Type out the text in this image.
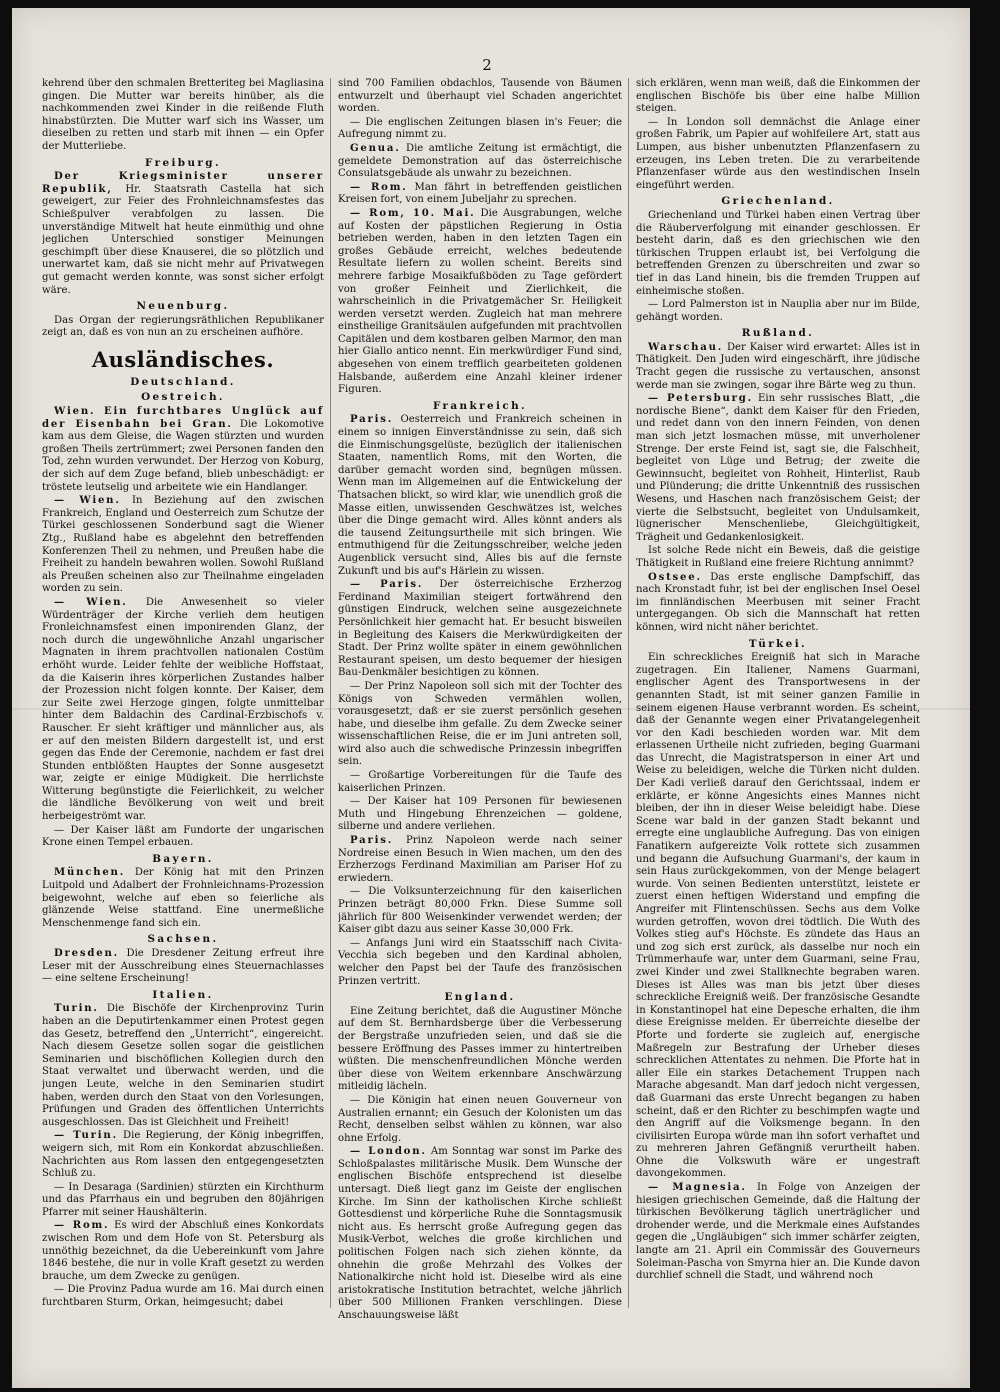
2

kehrend über den schmalen Bretteriteg bei Magliasina gingen. Die Mutter war bereits hinüber, als die nachkommenden zwei Kinder in die reißende Fluth hinabstürzten. Die Mutter warf sich ins Wasser, um dieselben zu retten und starb mit ihnen — ein Opfer der Mutterliebe.

Freiburg.

Der Kriegsminister unserer Republik, Hr. Staatsrath Castella hat sich geweigert, zur Feier des Frohnleichnamsfestes das Schießpulver verabfolgen zu lassen. Die unverständige Mitwelt hat heute einmüthig und ohne jeglichen Unterschied sonstiger Meinungen geschimpft über diese Knauserei, die so plötzlich und unerwartet kam, daß sie nicht mehr auf Privatwegen gut gemacht werden konnte, was sonst sicher erfolgt wäre.

Neuenburg.

Das Organ der regierungsräthlichen Republikaner zeigt an, daß es von nun an zu erscheinen aufhöre.

Ausländisches.
Deutschland.
Oestreich.

Wien. Ein furchtbares Unglück auf der Eisenbahn bei Gran. Die Lokomotive kam aus dem Gleise, die Wagen stürzten und wurden großen Theils zertrümmert; zwei Personen fanden den Tod, zehn wurden verwundet. Der Herzog von Koburg, der sich auf dem Zuge befand, blieb unbeschädigt: er tröstete leutselig und arbeitete wie ein Handlanger.

— Wien. In Beziehung auf den zwischen Frankreich, England und Oesterreich zum Schutze der Türkei geschlossenen Sonderbund sagt die Wiener Ztg., Rußland habe es abgelehnt den betreffenden Konferenzen Theil zu nehmen, und Preußen habe die Freiheit zu handeln bewahren wollen. Sowohl Rußland als Preußen scheinen also zur Theilnahme eingeladen worden zu sein.

— Wien. Die Anwesenheit so vieler Würdenträger der Kirche verlieh dem heutigen Fronleichnamsfest einen imponirenden Glanz, der noch durch die ungewöhnliche Anzahl ungarischer Magnaten in ihrem prachtvollen nationalen Costüm erhöht wurde. Leider fehlte der weibliche Hoffstaat, da die Kaiserin ihres körperlichen Zustandes halber der Prozession nicht folgen konnte. Der Kaiser, dem zur Seite zwei Herzoge gingen, folgte unmittelbar hinter dem Baldachin des Cardinal-Erzbischofs v. Rauscher. Er sieht kräftiger und männlicher aus, als er auf den meisten Bildern dargestellt ist, und erst gegen das Ende der Ceremonie, nachdem er fast drei Stunden entblößten Hauptes der Sonne ausgesetzt war, zeigte er einige Müdigkeit. Die herrlichste Witterung begünstigte die Feierlichkeit, zu welcher die ländliche Bevölkerung von weit und breit herbeigeströmt war.

— Der Kaiser läßt am Fundorte der ungarischen Krone einen Tempel erbauen.

Bayern.

München. Der König hat mit den Prinzen Luitpold und Adalbert der Frohnleichnams-Prozession beigewohnt, welche auf eben so feierliche als glänzende Weise stattfand. Eine unermeßliche Menschenmenge fand sich ein.

Sachsen.

Dresden. Die Dresdener Zeitung erfreut ihre Leser mit der Ausschreibung eines Steuernachlasses — eine seltene Erscheinung!

Italien.

Turin. Die Bischöfe der Kirchenprovinz Turin haben an die Deputirtenkammer einen Protest gegen das Gesetz, betreffend den „Unterricht“, eingereicht. Nach diesem Gesetze sollen sogar die geistlichen Seminarien und bischöflichen Kollegien durch den Staat verwaltet und überwacht werden, und die jungen Leute, welche in den Seminarien studirt haben, werden durch den Staat von den Vorlesungen, Prüfungen und Graden des öffentlichen Unterrichts ausgeschlossen. Das ist Gleichheit und Freiheit!

— Turin. Die Regierung, der König inbegriffen, weigern sich, mit Rom ein Konkordat abzuschließen. Nachrichten aus Rom lassen den entgegengesetzten Schluß zu.

— In Desaraga (Sardinien) stürzten ein Kirchthurm und das Pfarrhaus ein und begruben den 80jährigen Pfarrer mit seiner Haushälterin.

— Rom. Es wird der Abschluß eines Konkordats zwischen Rom und dem Hofe von St. Petersburg als unnöthig bezeichnet, da die Uebereinkunft vom Jahre 1846 bestehe, die nur in volle Kraft gesetzt zu werden brauche, um dem Zwecke zu genügen.

— Die Provinz Padua wurde am 16. Mai durch einen furchtbaren Sturm, Orkan, heimgesucht; dabei

sind 700 Familien obdachlos, Tausende von Bäumen entwurzelt und überhaupt viel Schaden angerichtet worden.

— Die englischen Zeitungen blasen in's Feuer; die Aufregung nimmt zu.

Genua. Die amtliche Zeitung ist ermächtigt, die gemeldete Demonstration auf das österreichische Consulatsgebäude als unwahr zu bezeichnen.

— Rom. Man fährt in betreffenden geistlichen Kreisen fort, von einem Jubeljahr zu sprechen.

— Rom, 10. Mai. Die Ausgrabungen, welche auf Kosten der päpstlichen Regierung in Ostia betrieben werden, haben in den letzten Tagen ein großes Gebäude erreicht, welches bedeutende Resultate liefern zu wollen scheint. Bereits sind mehrere farbige Mosaikfußböden zu Tage gefördert von großer Feinheit und Zierlichkeit, die wahrscheinlich in die Privatgemächer Sr. Heiligkeit werden versetzt werden. Zugleich hat man mehrere einstheilige Granitsäulen aufgefunden mit prachtvollen Capitälen und dem kostbaren gelben Marmor, den man hier Giallo antico nennt. Ein merkwürdiger Fund sind, abgesehen von einem trefflich gearbeiteten goldenen Halsbande, außerdem eine Anzahl kleiner irdener Figuren.

Frankreich.

Paris. Oesterreich und Frankreich scheinen in einem so innigen Einverständnisse zu sein, daß sich die Einmischungsgelüste, bezüglich der italienischen Staaten, namentlich Roms, mit den Worten, die darüber gemacht worden sind, begnügen müssen. Wenn man im Allgemeinen auf die Entwickelung der Thatsachen blickt, so wird klar, wie unendlich groß die Masse eitlen, unwissenden Geschwätzes ist, welches über die Dinge gemacht wird. Alles könnt anders als die tausend Zeitungsurtheile mit sich bringen. Wie entmuthigend für die Zeitungsschreiber, welche jeden Augenblick versucht sind, Alles bis auf die fernste Zukunft und bis auf's Härlein zu wissen.

— Paris. Der österreichische Erzherzog Ferdinand Maximilian steigert fortwährend den günstigen Eindruck, welchen seine ausgezeichnete Persönlichkeit hier gemacht hat. Er besucht bisweilen in Begleitung des Kaisers die Merkwürdigkeiten der Stadt. Der Prinz wollte später in einem gewöhnlichen Restaurant speisen, um desto bequemer der hiesigen Bau-Denkmäler besichtigen zu können.

— Der Prinz Napoleon soll sich mit der Tochter des Königs von Schweden vermählen wollen, vorausgesetzt, daß er sie zuerst persönlich gesehen habe, und dieselbe ihm gefalle. Zu dem Zwecke seiner wissenschaftlichen Reise, die er im Juni antreten soll, wird also auch die schwedische Prinzessin inbegriffen sein.

— Großartige Vorbereitungen für die Taufe des kaiserlichen Prinzen.

— Der Kaiser hat 109 Personen für bewiesenen Muth und Hingebung Ehrenzeichen — goldene, silberne und andere verliehen.

Paris. Prinz Napoleon werde nach seiner Nordreise einen Besuch in Wien machen, um den des Erzherzogs Ferdinand Maximilian am Pariser Hof zu erwiedern.

— Die Volksunterzeichnung für den kaiserlichen Prinzen beträgt 80,000 Frkn. Diese Summe soll jährlich für 800 Weisenkinder verwendet werden; der Kaiser gibt dazu aus seiner Kasse 30,000 Frk.

— Anfangs Juni wird ein Staatsschiff nach Civita-Vecchia sich begeben und den Kardinal abholen, welcher den Papst bei der Taufe des französischen Prinzen vertritt.

England.

Eine Zeitung berichtet, daß die Augustiner Mönche auf dem St. Bernhardsberge über die Verbesserung der Bergstraße unzufrieden seien, und daß sie die bessere Eröffnung des Passes immer zu hintertreiben wüßten. Die menschenfreundlichen Mönche werden über diese von Weitem erkennbare Anschwärzung mitleidig lächeln.

— Die Königin hat einen neuen Gouverneur von Australien ernannt; ein Gesuch der Kolonisten um das Recht, denselben selbst wählen zu können, war also ohne Erfolg.

— London. Am Sonntag war sonst im Parke des Schloßpalastes militärische Musik. Dem Wunsche der englischen Bischöfe entsprechend ist dieselbe untersagt. Dieß liegt ganz im Geiste der englischen Kirche. Im Sinn der katholischen Kirche schließt Gottesdienst und körperliche Ruhe die Sonntagsmusik nicht aus. Es herrscht große Aufregung gegen das Musik-Verbot, welches die große kirchlichen und politischen Folgen nach sich ziehen könnte, da ohnehin die große Mehrzahl des Volkes der Nationalkirche nicht hold ist. Dieselbe wird als eine aristokratische Institution betrachtet, welche jährlich über 500 Millionen Franken verschlingen. Diese Anschauungsweise läßt

sich erklären, wenn man weiß, daß die Einkommen der englischen Bischöfe bis über eine halbe Million steigen.

— In London soll demnächst die Anlage einer großen Fabrik, um Papier auf wohlfeilere Art, statt aus Lumpen, aus bisher unbenutzten Pflanzenfasern zu erzeugen, ins Leben treten. Die zu verarbeitende Pflanzenfaser würde aus den westindischen Inseln eingeführt werden.

Griechenland.

Griechenland und Türkei haben einen Vertrag über die Räuberverfolgung mit einander geschlossen. Er besteht darin, daß es den griechischen wie den türkischen Truppen erlaubt ist, bei Verfolgung die betreffenden Grenzen zu überschreiten und zwar so tief in das Land hinein, bis die fremden Truppen auf einheimische stoßen.

— Lord Palmerston ist in Nauplia aber nur im Bilde, gehängt worden.

Rußland.

Warschau. Der Kaiser wird erwartet: Alles ist in Thätigkeit. Den Juden wird eingeschärft, ihre jüdische Tracht gegen die russische zu vertauschen, ansonst werde man sie zwingen, sogar ihre Bärte weg zu thun.

— Petersburg. Ein sehr russisches Blatt, „die nordische Biene“, dankt dem Kaiser für den Frieden, und redet dann von den innern Feinden, von denen man sich jetzt losmachen müsse, mit unverholener Strenge. Der erste Feind ist, sagt sie, die Falschheit, begleitet von Lüge und Betrug; der zweite die Gewinnsucht, begleitet von Rohheit, Hinterlist, Raub und Plünderung; die dritte Unkenntniß des russischen Wesens, und Haschen nach französischem Geist; der vierte die Selbstsucht, begleitet von Undulsamkeit, lügnerischer Menschenliebe, Gleichgültigkeit, Trägheit und Gedankenlosigkeit.

Ist solche Rede nicht ein Beweis, daß die geistige Thätigkeit in Rußland eine freiere Richtung annimmt?

Ostsee. Das erste englische Dampfschiff, das nach Kronstadt fuhr, ist bei der englischen Insel Oesel im finnländischen Meerbusen mit seiner Fracht untergegangen. Ob sich die Mannschaft hat retten können, wird nicht näher berichtet.

Türkei.

Ein schreckliches Ereigniß hat sich in Marache zugetragen. Ein Italiener, Namens Guarmani, englischer Agent des Transportwesens in der genannten Stadt, ist mit seiner ganzen Familie in seinem eigenen Hause verbrannt worden. Es scheint, daß der Genannte wegen einer Privatangelegenheit vor den Kadi beschieden worden war. Mit dem erlassenen Urtheile nicht zufrieden, beging Guarmani das Unrecht, die Magistratsperson in einer Art und Weise zu beleidigen, welche die Türken nicht dulden. Der Kadi verließ darauf den Gerichtssaal, indem er erklärte, er könne Angesichts eines Mannes nicht bleiben, der ihn in dieser Weise beleidigt habe. Diese Scene war bald in der ganzen Stadt bekannt und erregte eine unglaubliche Aufregung. Das von einigen Fanatikern aufgereizte Volk rottete sich zusammen und begann die Aufsuchung Guarmani's, der kaum in sein Haus zurückgekommen, von der Menge belagert wurde. Von seinen Bedienten unterstützt, leistete er zuerst einen heftigen Widerstand und empfing die Angreifer mit Flintenschüssen. Sechs aus dem Volke wurden getroffen, wovon drei tödtlich. Die Wuth des Volkes stieg auf's Höchste. Es zündete das Haus an und zog sich erst zurück, als dasselbe nur noch ein Trümmerhaufe war, unter dem Guarmani, seine Frau, zwei Kinder und zwei Stallknechte begraben waren. Dieses ist Alles was man bis jetzt über dieses schreckliche Ereigniß weiß. Der französische Gesandte in Konstantinopel hat eine Depesche erhalten, die ihm diese Ereignisse melden. Er überreichte dieselbe der Pforte und forderte sie zugleich auf, energische Maßregeln zur Bestrafung der Urheber dieses schrecklichen Attentates zu nehmen. Die Pforte hat in aller Eile ein starkes Detachement Truppen nach Marache abgesandt. Man darf jedoch nicht vergessen, daß Guarmani das erste Unrecht begangen zu haben scheint, daß er den Richter zu beschimpfen wagte und den Angriff auf die Volksmenge begann. In den civilisirten Europa würde man ihn sofort verhaftet und zu mehreren Jahren Gefängniß verurtheilt haben. Ohne die Volkswuth wäre er ungestraft davongekommen.

— Magnesia. In Folge von Anzeigen der hiesigen griechischen Gemeinde, daß die Haltung der türkischen Bevölkerung täglich unerträglicher und drohender werde, und die Merkmale eines Aufstandes gegen die „Ungläubigen“ sich immer schärfer zeigten, langte am 21. April ein Commissär des Gouverneurs Soleiman-Pascha von Smyrna hier an. Die Kunde davon durchlief schnell die Stadt, und während noch
